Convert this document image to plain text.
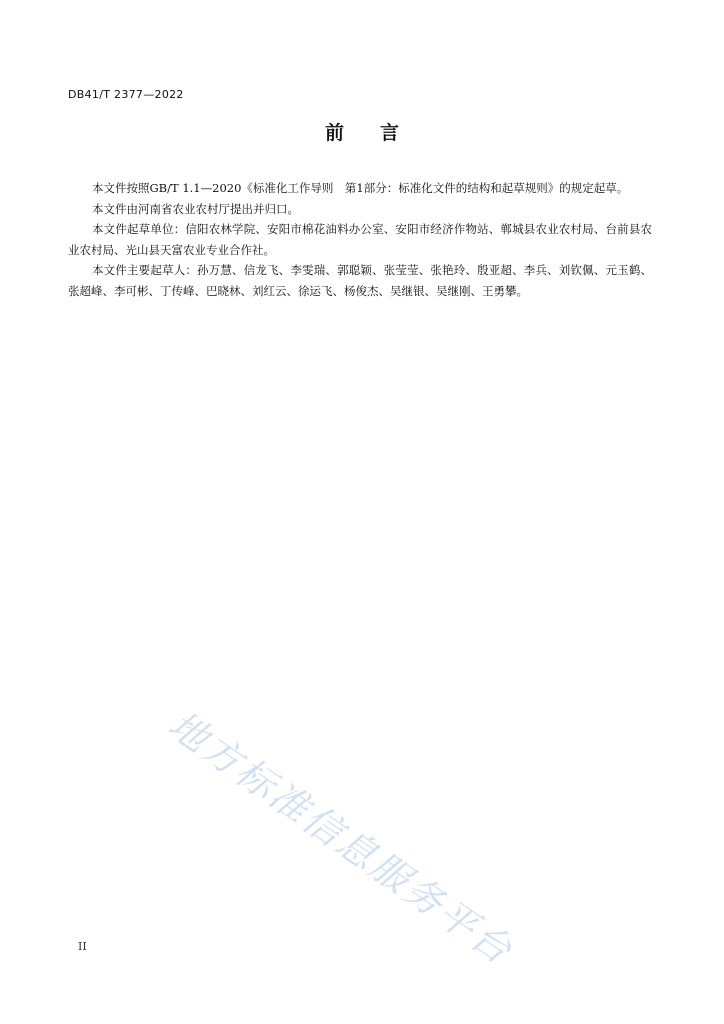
DB41/T 2377—2022
前言

本文件按照GB/T 1.1—2020《标准化工作导则　第1部分：标准化文件的结构和起草规则》的规定起草。

本文件由河南省农业农村厅提出并归口。

本文件起草单位：信阳农林学院、安阳市棉花油料办公室、安阳市经济作物站、郸城县农业农村局、台前县农业农村局、光山县天富农业专业合作社。

本文件主要起草人：孙万慧、信龙飞、李雯瑞、郭聪颖、张莹莹、张艳玲、殷亚超、李兵、刘钦佩、元玉鹤、张超峰、李可彬、丁传峰、巴晓林、刘红云、徐运飞、杨俊杰、吴继银、吴继刚、王勇攀。

地方标准信息服务平台
II
